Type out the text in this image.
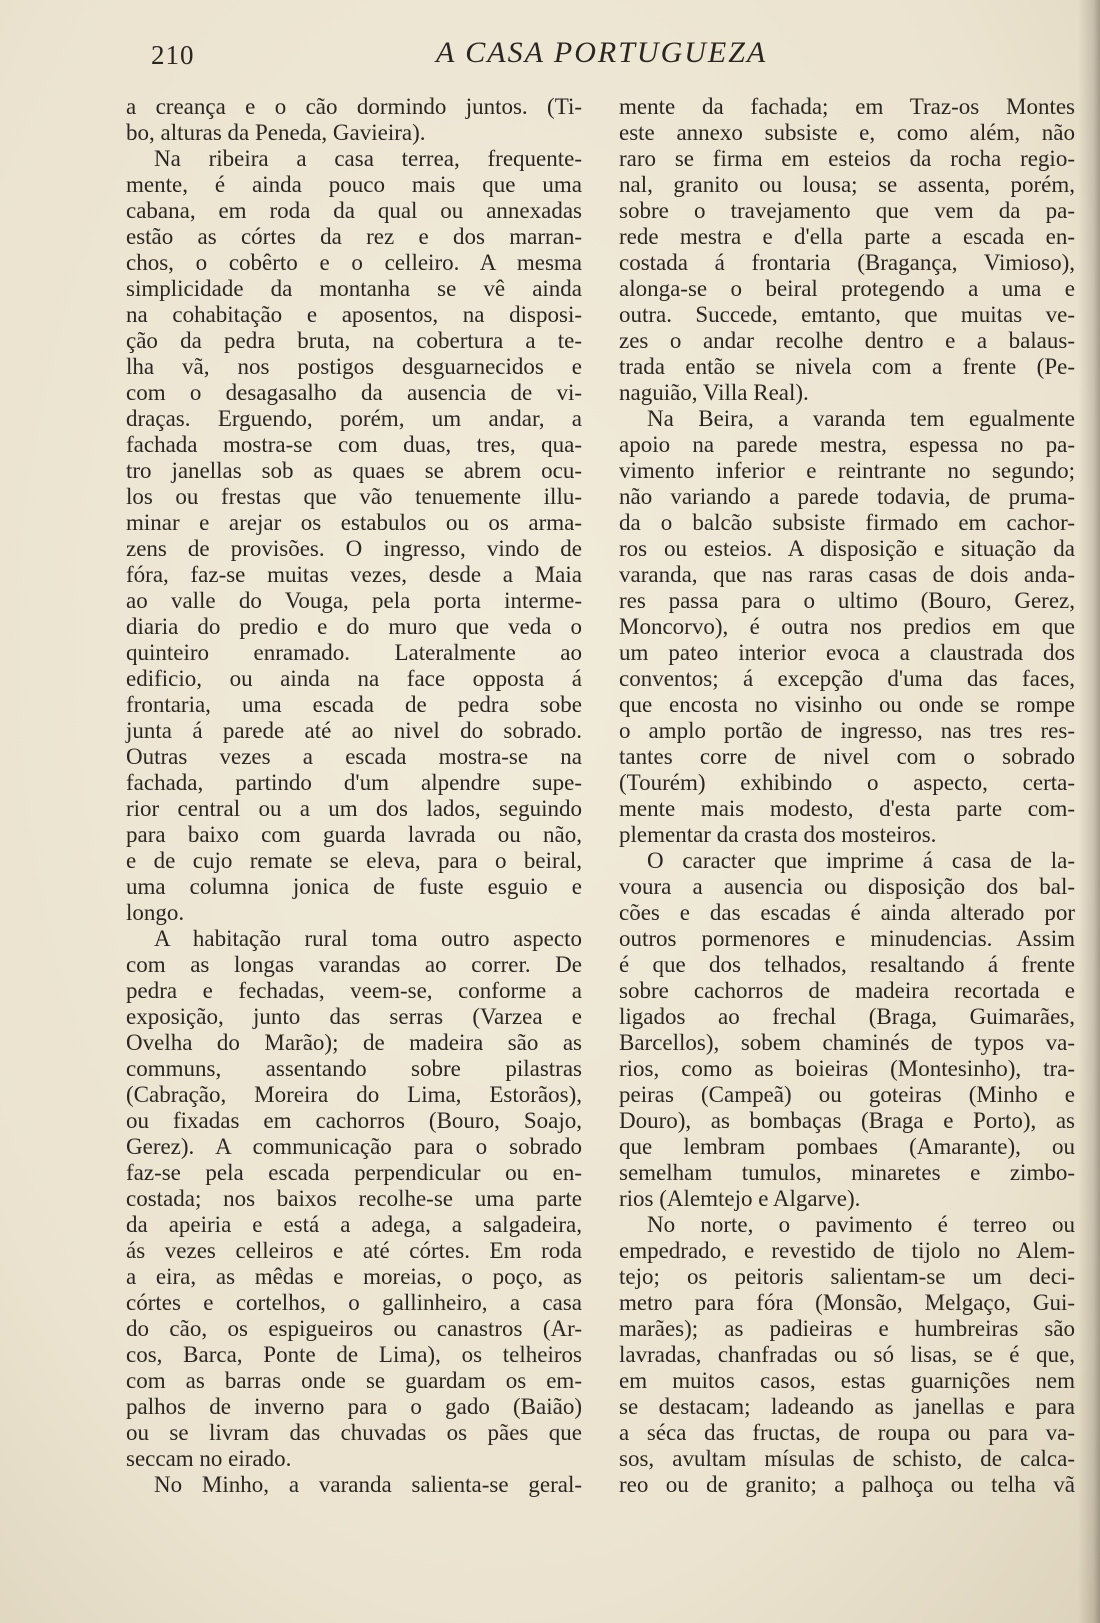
210	A CASA PORTUGUEZA
a creança e o cão dormindo juntos. (Ti-
bo, alturas da Peneda, Gavieira).
Na ribeira a casa terrea, frequente-
mente, é ainda pouco mais que uma
cabana, em roda da qual ou annexadas
estão as córtes da rez e dos marran-
chos, o cobêrto e o celleiro. A mesma
simplicidade da montanha se vê ainda
na cohabitação e aposentos, na disposi-
ção da pedra bruta, na cobertura a te-
lha vã, nos postigos desguarnecidos e
com o desagasalho da ausencia de vi-
draças. Erguendo, porém, um andar, a
fachada mostra-se com duas, tres, qua-
tro janellas sob as quaes se abrem ocu-
los ou frestas que vão tenuemente illu-
minar e arejar os estabulos ou os arma-
zens de provisões. O ingresso, vindo de
fóra, faz-se muitas vezes, desde a Maia
ao valle do Vouga, pela porta interme-
diaria do predio e do muro que veda o
quinteiro enramado. Lateralmente ao
edificio, ou ainda na face opposta á
frontaria, uma escada de pedra sobe
junta á parede até ao nivel do sobrado.
Outras vezes a escada mostra-se na
fachada, partindo d'um alpendre supe-
rior central ou a um dos lados, seguindo
para baixo com guarda lavrada ou não,
e de cujo remate se eleva, para o beiral,
uma columna jonica de fuste esguio e
longo.
A habitação rural toma outro aspecto
com as longas varandas ao correr. De
pedra e fechadas, veem-se, conforme a
exposição, junto das serras (Varzea e
Ovelha do Marão); de madeira são as
communs, assentando sobre pilastras
(Cabração, Moreira do Lima, Estorãos),
ou fixadas em cachorros (Bouro, Soajo,
Gerez). A communicação para o sobrado
faz-se pela escada perpendicular ou en-
costada; nos baixos recolhe-se uma parte
da apeiria e está a adega, a salgadeira,
ás vezes celleiros e até córtes. Em roda
a eira, as mêdas e moreias, o poço, as
córtes e cortelhos, o gallinheiro, a casa
do cão, os espigueiros ou canastros (Ar-
cos, Barca, Ponte de Lima), os telheiros
com as barras onde se guardam os em-
palhos de inverno para o gado (Baião)
ou se livram das chuvadas os pães que
seccam no eirado.
No Minho, a varanda salienta-se geral-
mente da fachada; em Traz-os Montes
este annexo subsiste e, como além, não
raro se firma em esteios da rocha regio-
nal, granito ou lousa; se assenta, porém,
sobre o travejamento que vem da pa-
rede mestra e d'ella parte a escada en-
costada á frontaria (Bragança, Vimioso),
alonga-se o beiral protegendo a uma e
outra. Succede, emtanto, que muitas ve-
zes o andar recolhe dentro e a balaus-
trada então se nivela com a frente (Pe-
naguião, Villa Real).
Na Beira, a varanda tem egualmente
apoio na parede mestra, espessa no pa-
vimento inferior e reintrante no segundo;
não variando a parede todavia, de pruma-
da o balcão subsiste firmado em cachor-
ros ou esteios. A disposição e situação da
varanda, que nas raras casas de dois anda-
res passa para o ultimo (Bouro, Gerez,
Moncorvo), é outra nos predios em que
um pateo interior evoca a claustrada dos
conventos; á excepção d'uma das faces,
que encosta no visinho ou onde se rompe
o amplo portão de ingresso, nas tres res-
tantes corre de nivel com o sobrado
(Tourém) exhibindo o aspecto, certa-
mente mais modesto, d'esta parte com-
plementar da crasta dos mosteiros.
O caracter que imprime á casa de la-
voura a ausencia ou disposição dos bal-
cões e das escadas é ainda alterado por
outros pormenores e minudencias. Assim
é que dos telhados, resaltando á frente
sobre cachorros de madeira recortada e
ligados ao frechal (Braga, Guimarães,
Barcellos), sobem chaminés de typos va-
rios, como as boieiras (Montesinho), tra-
peiras (Campeã) ou goteiras (Minho e
Douro), as bombaças (Braga e Porto), as
que lembram pombaes (Amarante), ou
semelham tumulos, minaretes e zimbo-
rios (Alemtejo e Algarve).
No norte, o pavimento é terreo ou
empedrado, e revestido de tijolo no Alem-
tejo; os peitoris salientam-se um deci-
metro para fóra (Monsão, Melgaço, Gui-
marães); as padieiras e humbreiras são
lavradas, chanfradas ou só lisas, se é que,
em muitos casos, estas guarnições nem
se destacam; ladeando as janellas e para
a séca das fructas, de roupa ou para va-
sos, avultam mísulas de schisto, de calca-
reo ou de granito; a palhoça ou telha vã
